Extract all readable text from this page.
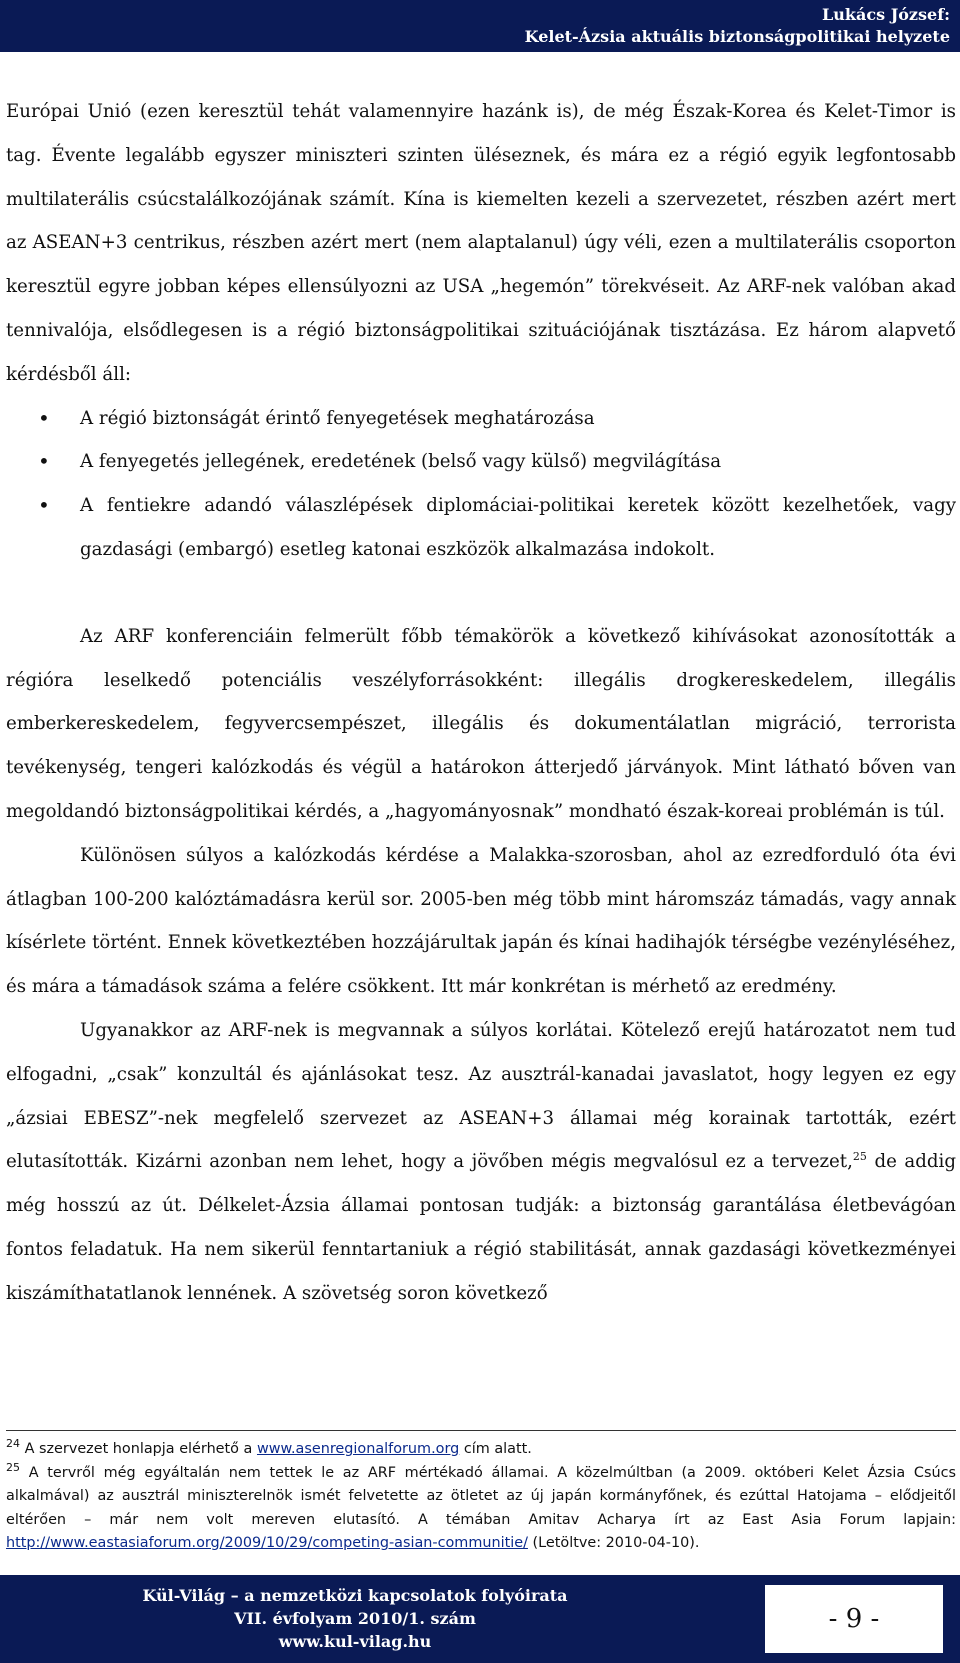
Lukács József:
Kelet-Ázsia aktuális biztonságpolitikai helyzete

Európai Unió (ezen keresztül tehát valamennyire hazánk is), de még Észak-Korea és Kelet-Timor is tag. Évente legalább egyszer miniszteri szinten üléseznek, és mára ez a régió egyik legfontosabb multilaterális csúcstalálkozójának számít. Kína is kiemelten kezeli a szervezetet, részben azért mert az ASEAN+3 centrikus, részben azért mert (nem alaptalanul) úgy véli, ezen a multilaterális csoporton keresztül egyre jobban képes ellensúlyozni az USA „hegemón” törekvéseit. Az ARF-nek valóban akad tennivalója, elsődlegesen is a régió biztonságpolitikai szituációjának tisztázása. Ez három alapvető kérdésből áll:

• A régió biztonságát érintő fenyegetések meghatározása
• A fenyegetés jellegének, eredetének (belső vagy külső) megvilágítása
• A fentiekre adandó válaszlépések diplomáciai-politikai keretek között kezelhetőek, vagy gazdasági (embargó) esetleg katonai eszközök alkalmazása indokolt.

Az ARF konferenciáin felmerült főbb témakörök a következő kihívásokat azonosították a régióra leselkedő potenciális veszélyforrásokként: illegális drogkereskedelem, illegális emberkereskedelem, fegyvercsempészet, illegális és dokumentálatlan migráció, terrorista tevékenység, tengeri kalózkodás és végül a határokon átterjedő járványok. Mint látható bőven van megoldandó biztonságpolitikai kérdés, a „hagyományosnak” mondható észak-koreai problémán is túl.

Különösen súlyos a kalózkodás kérdése a Malakka-szorosban, ahol az ezredforduló óta évi átlagban 100-200 kalóztámadásra kerül sor. 2005-ben még több mint háromszáz támadás, vagy annak kísérlete történt. Ennek következtében hozzájárultak japán és kínai hadihajók térségbe vezényléséhez, és mára a támadások száma a felére csökkent. Itt már konkrétan is mérhető az eredmény.

Ugyanakkor az ARF-nek is megvannak a súlyos korlátai. Kötelező erejű határozatot nem tud elfogadni, „csak” konzultál és ajánlásokat tesz. Az ausztrál-kanadai javaslatot, hogy legyen ez egy „ázsiai EBESZ”-nek megfelelő szervezet az ASEAN+3 államai még korainak tartották, ezért elutasították. Kizárni azonban nem lehet, hogy a jövőben mégis megvalósul ez a tervezet,$^{25}$ de addig még hosszú az út. Délkelet-Ázsia államai pontosan tudják: a biztonság garantálása életbevágóan fontos feladatuk. Ha nem sikerül fenntartaniuk a régió stabilitását, annak gazdasági következményei kiszámíthatatlanok lennének. A szövetség soron következő

$^{24}$ A szervezet honlapja elérhető a www.asenregionalforum.org cím alatt.

$^{25}$ A tervről még egyáltalán nem tettek le az ARF mértékadó államai. A közelmúltban (a 2009. októberi Kelet Ázsia Csúcs alkalmával) az ausztrál miniszterelnök ismét felvetette az ötletet az új japán kormányfőnek, és ezúttal Hatojama – elődjeitől eltérően – már nem volt mereven elutasító. A témában Amitav Acharya írt az East Asia Forum lapjain: http://www.eastasiaforum.org/2009/10/29/competing-asian-communitie/ (Letöltve: 2010-04-10).

Kül-Világ – a nemzetközi kapcsolatok folyóirata
VII. évfolyam 2010/1. szám
www.kul-vilag.hu
- 9 -
